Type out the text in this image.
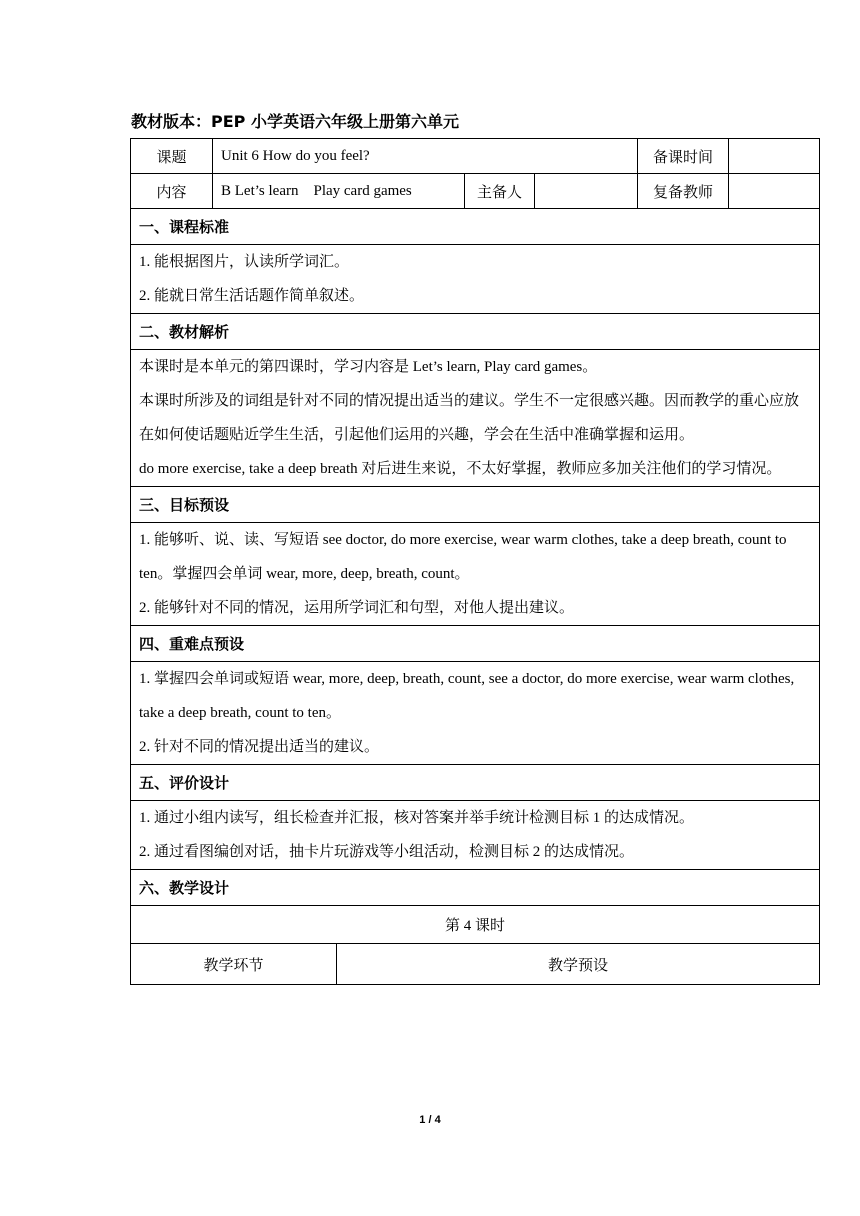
教材版本：PEP 小学英语六年级上册第六单元
课题	Unit 6 How do you feel?				备课时间	
内容	B Let’s learn    Play card games		主备人		复备教师	
一、课程标准						

1. 能根据图片，认读所学词汇。

2. 能就日常生活话题作简单叙述。						

二、教材解析						

本课时是本单元的第四课时，学习内容是 Let’s learn, Play card games。

本课时所涉及的词组是针对不同的情况提出适当的建议。学生不一定很感兴趣。因而教学的重心应放在如何使话题贴近学生生活，引起他们运用的兴趣，学会在生活中准确掌握和运用。

do more exercise, take a deep breath 对后进生来说，不太好掌握，教师应多加关注他们的学习情况。						

三、目标预设						

1. 能够听、说、读、写短语 see doctor, do more exercise, wear warm clothes, take a deep breath, count to ten。掌握四会单词 wear, more, deep, breath, count。

2. 能够针对不同的情况，运用所学词汇和句型，对他人提出建议。						

四、重难点预设						

1. 掌握四会单词或短语 wear, more, deep, breath, count, see a doctor, do more exercise, wear warm clothes, take a deep breath, count to ten。

2. 针对不同的情况提出适当的建议。						

五、评价设计						

1. 通过小组内读写，组长检查并汇报，核对答案并举手统计检测目标 1 的达成情况。

2. 通过看图编创对话，抽卡片玩游戏等小组活动，检测目标 2 的达成情况。						

六、教学设计						
第 4 课时						
教学环节		教学预设				
1 / 4
